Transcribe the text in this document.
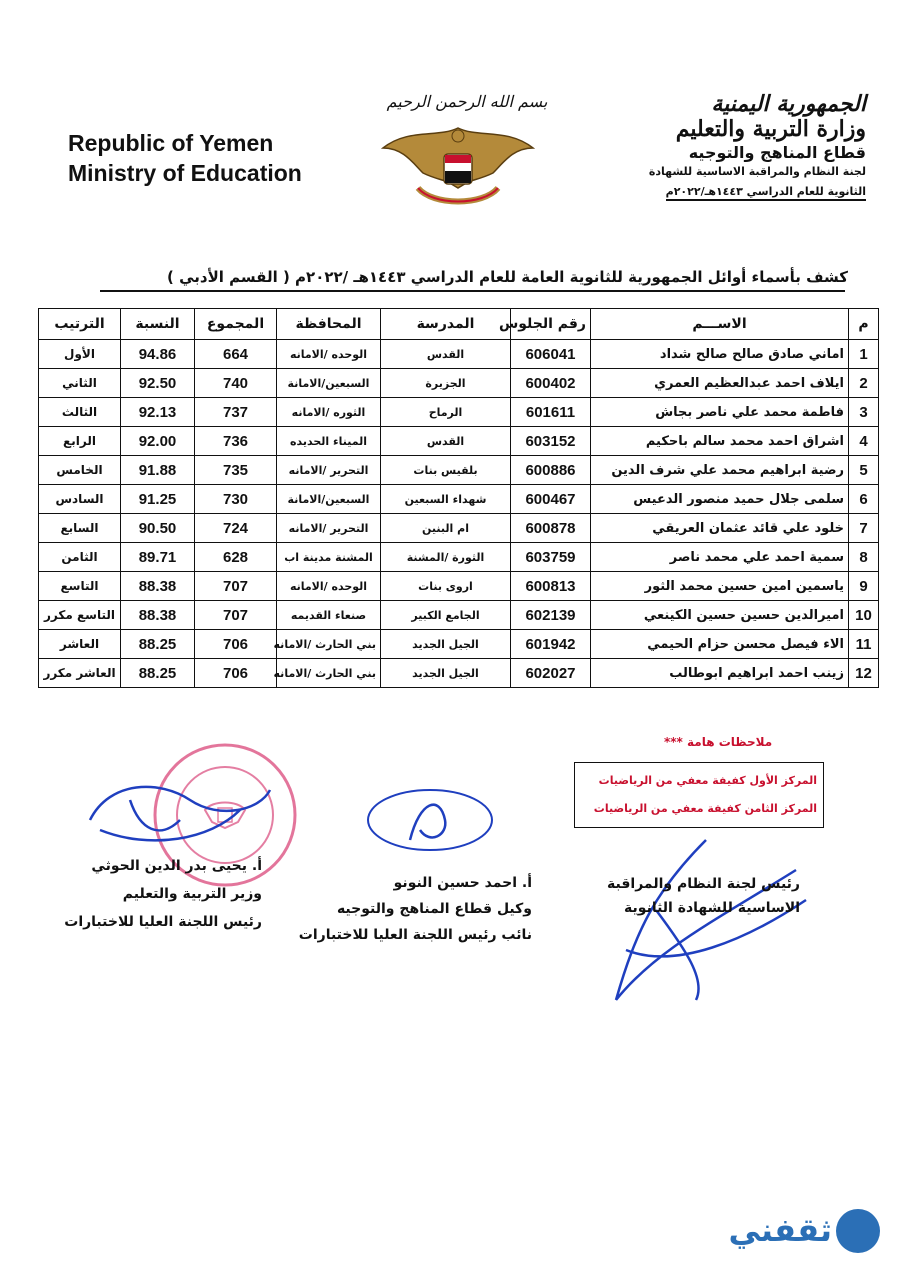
الجمهورية اليمنية
وزارة التربية والتعليم
قطاع المناهج والتوجيه
لجنة النظام والمراقبة الاساسية للشهادة
الثانوية للعام الدراسي ١٤٤٣هـ/٢٠٢٢م
Republic of Yemen
Ministry of Education
بسم الله الرحمن الرحيم
كشف بأسماء أوائل الجمهورية للثانوية العامة للعام الدراسي ١٤٤٣هـ /٢٠٢٢م ( القسم الأدبي )
م	الاســـم	رقم الجلوس	المدرسة	المحافظة	المجموع	النسبة	الترتيب
1	اماني صادق صالح صالح شداد	606041	القدس	الوحده /الامانه	664	94.86	الأول
2	ايلاف احمد عبدالعظيم العمري	600402	الجزيرة	السبعين/الامانة	740	92.50	الثاني
3	فاطمة محمد علي ناصر بجاش	601611	الرماح	الثوره /الامانه	737	92.13	الثالث
4	اشراق احمد محمد سالم باحكيم	603152	القدس	الميناء الحديده	736	92.00	الرابع
5	رضية ابراهيم محمد علي شرف الدين	600886	بلقيس بنات	التحرير /الامانه	735	91.88	الخامس
6	سلمى جلال حميد منصور الدعيس	600467	شهداء السبعين	السبعين/الامانة	730	91.25	السادس
7	خلود علي قائد عثمان العريقي	600878	ام البنين	التحرير /الامانه	724	90.50	السابع
8	سمية احمد علي محمد ناصر	603759	الثورة /المشنة	المشنة مدينة اب	628	89.71	الثامن
9	ياسمين امين حسين محمد الثور	600813	اروى بنات	الوحده /الامانه	707	88.38	التاسع
10	اميرالدين حسين حسين الكينعي	602139	الجامع الكبير	صنعاء القديمه	707	88.38	التاسع مكرر
11	الاء فيصل محسن حزام الحيمي	601942	الجيل الجديد	بني الحارث /الامانه	706	88.25	العاشر
12	زينب احمد ابراهيم ابوطالب	602027	الجيل الجديد	بني الحارث /الامانه	706	88.25	العاشر مكرر
ملاحظات هامة ***
المركز الأول كفيفة معفي من الرياضيات
المركز الثامن كفيفة معفي من الرياضيات
رئيس لجنة النظام والمراقبة
الاساسية للشهادة الثانوية
أ. احمد حسين النونو
وكيل قطاع المناهج والتوجيه
نائب رئيس اللجنة العليا للاختبارات
أ. يحيى بدر الدين الحوثي
وزير التربية والتعليم
رئيس اللجنة العليا للاختبارات
ثقفني
